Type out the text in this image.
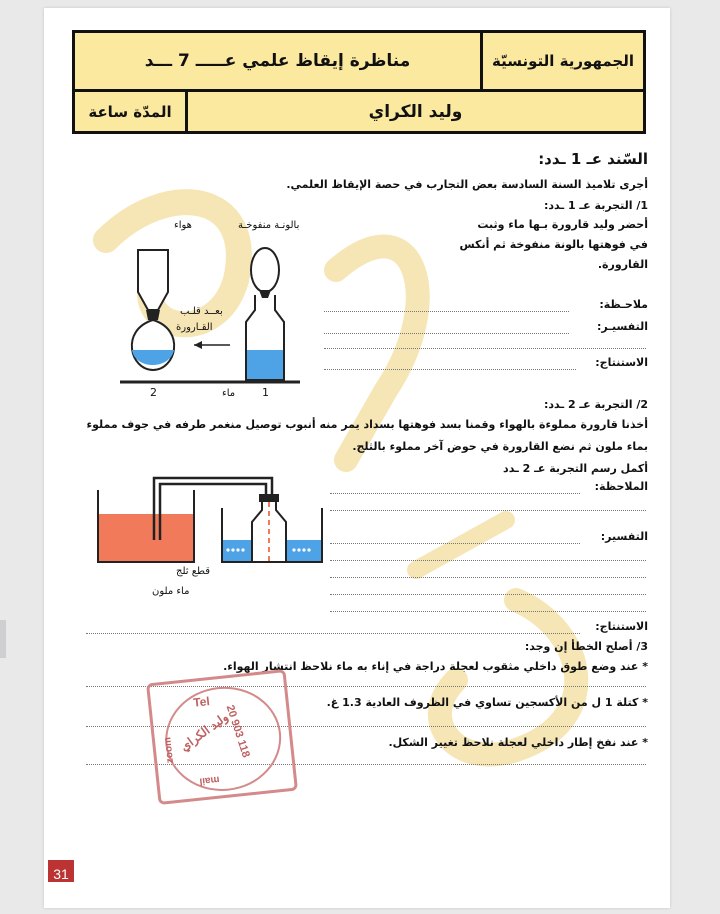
الجمهورية التونسيّة
مناظرة إيقاظ علمي عـــــ 7 ـــد
وليد الكراي
المدّة ساعة
السّند عـ 1 ـدد:
أجرى تلاميذ السنة السادسة بعض التجارب في حصة الإيقاظ العلمي.
1/ التجربة عـ 1 ـدد:
أحضر وليد قارورة بـها ماء وثبت
في فوهتها بالونة منفوخة ثم أنكس
القارورة.
هواء	بالونـة منفوخـة
بعــد قلـب
القـارورة
2	1
ماء
ملاحـظة:
التفسيـر:
الاستنتاج:
2/ التجربة عـ 2 ـدد:
أخذنا قارورة مملوءة بالهواء وقمنا بسد فوهتها بسداد يمر منه أنبوب توصيل منغمر طرفه في جوف مملوء
بماء ملون ثم نضع القارورة في حوض آخر مملوء بالثلج.
أكمل رسم التجربة عـ 2 ـدد
الملاحظة:
التفسير:
قطع ثلج
ماء ملون
الاستنتاج:
3/ أصلح الخطأ إن وجد:
* عند وضع طوق داخلي مثقوب لعجلة دراجة في إناء به ماء نلاحظ انتشار الهواء.
* كتلة 1 ل من الأكسجين تساوي في الظروف العادية 1.3 غ.
* عند نفخ إطار داخلي لعجلة نلاحظ تغيير الشكل.
Tel
20 903 118
وليد الكراي
zoom
mail
31
